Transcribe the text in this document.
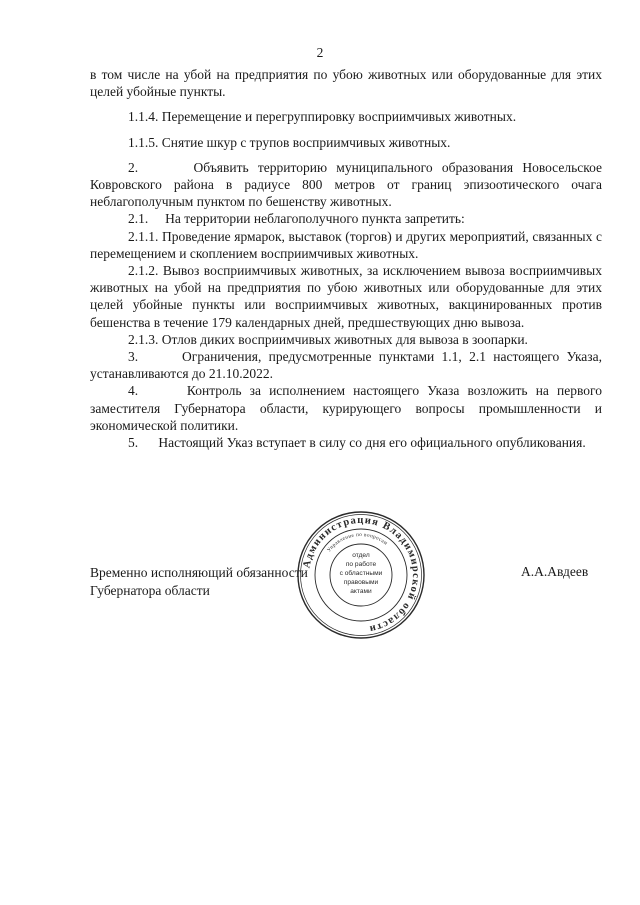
2

в том числе на убой на предприятия по убою животных или оборудованные для этих целей убойные пункты.

1.1.4. Перемещение и перегруппировку восприимчивых животных.

1.1.5. Снятие шкур с трупов восприимчивых животных.

2.      Объявить территорию муниципального образования Новосельское Ковровского района в радиусе 800 метров от границ эпизоотического очага неблагополучным пунктом по бешенству животных.

2.1.     На территории неблагополучного пункта запретить:

2.1.1. Проведение ярмарок, выставок (торгов) и других мероприятий, связанных с перемещением и скоплением восприимчивых животных.

2.1.2. Вывоз восприимчивых животных, за исключением вывоза восприимчивых животных на убой на предприятия по убою животных или оборудованные для этих целей убойные пункты или восприимчивых животных, вакцинированных против бешенства в течение 179 календарных дней, предшествующих дню вывоза.

2.1.3. Отлов диких восприимчивых животных для вывоза в зоопарки.

3.      Ограничения, предусмотренные пунктами 1.1, 2.1 настоящего Указа, устанавливаются до 21.10.2022.

4.      Контроль за исполнением настоящего Указа возложить на первого заместителя Губернатора области, курирующего вопросы промышленности и экономической политики.

5.      Настоящий Указ вступает в силу со дня его официального опубликования.

Временно исполняющий обязанности
Губернатора области
А.А.Авдеев
Администрация Владимирской области
Управление по вопросам
отдел
по работе
с областными
правовыми
актами
